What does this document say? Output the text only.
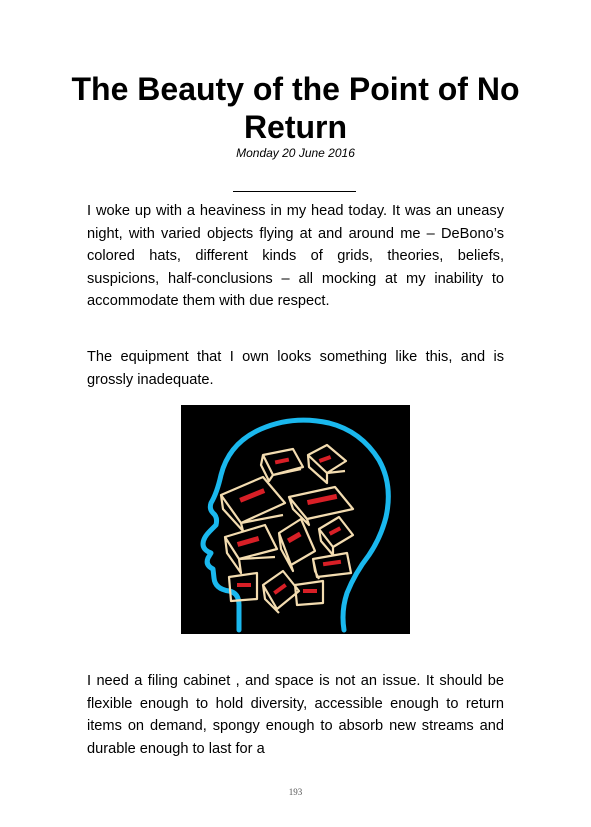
The Beauty of the Point of No Return
Monday 20 June 2016

I woke up with a heaviness in my head today. It was an uneasy night, with varied objects flying at and around me – DeBono’s colored hats, different kinds of grids, theories, beliefs, suspicions, half-conclusions – all mocking at my inability to accommodate them with due respect.

The equipment that I own looks something like this, and is grossly inadequate.

I need a filing cabinet , and space is not an issue. It should be flexible enough to hold diversity, accessible enough to return items on demand, spongy enough to absorb new streams and durable enough to last for a

193
